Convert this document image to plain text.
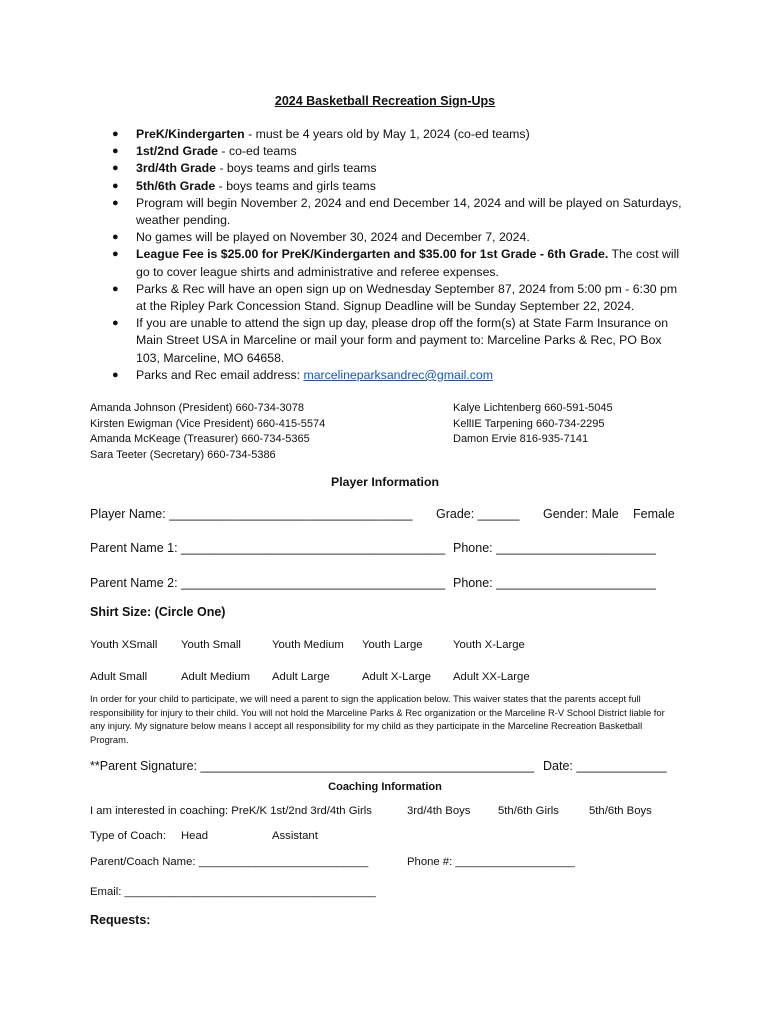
2024 Basketball Recreation Sign-Ups
● PreK/Kindergarten - must be 4 years old by May 1, 2024 (co-ed teams)
● 1st/2nd Grade - co-ed teams
● 3rd/4th Grade - boys teams and girls teams
● 5th/6th Grade - boys teams and girls teams
● Program will begin November 2, 2024 and end December 14, 2024 and will be played on Saturdays, weather pending.
● No games will be played on November 30, 2024 and December 7, 2024.
● League Fee is $25.00 for PreK/Kindergarten and $35.00 for 1st Grade - 6th Grade. The cost will go to cover league shirts and administrative and referee expenses.
● Parks & Rec will have an open sign up on Wednesday September 87, 2024 from 5:00 pm - 6:30 pm at the Ripley Park Concession Stand. Signup Deadline will be Sunday September 22, 2024.
● If you are unable to attend the sign up day, please drop off the form(s) at State Farm Insurance on Main Street USA in Marceline or mail your form and payment to: Marceline Parks & Rec, PO Box 103, Marceline, MO 64658.
● Parks and Rec email address: marcelineparksandrec@gmail.com
Amanda Johnson (President) 660-734-3078
Kirsten Ewigman (Vice President) 660-415-5574
Amanda McKeage (Treasurer) 660-734-5365
Sara Teeter (Secretary) 660-734-5386
Kalye Lichtenberg 660-591-5045
KellIE Tarpening 660-734-2295
Damon Ervie 816-935-7141
Player Information
Player Name: ___________________________________ Grade: ______ Gender: Male Female
Parent Name 1: ______________________________________ Phone: _______________________
Parent Name 2: ______________________________________ Phone: _______________________
Shirt Size: (Circle One)
Youth XSmall Youth Small	Youth Medium Youth Large	Youth X-Large
Adult Small	Adult Medium Adult Large	Adult X-Large Adult XX-Large
In order for your child to participate, we will need a parent to sign the application below. This waiver states that the parents accept full responsibility for injury to their child. You will not hold the Marceline Parks & Rec organization or the Marceline R-V School District liable for any injury. My signature below means I accept all responsibility for my child as they participate in the Marceline Recreation Basketball Program.
**Parent Signature: ________________________________________________ Date: _____________
Coaching Information
I am interested in coaching: PreK/K 1st/2nd 3rd/4th Girls	3rd/4th Boys 5th/6th Girls	5th/6th Boys
Type of Coach: Head	Assistant
Parent/Coach Name: ___________________________	Phone #: ___________________
Email: ________________________________________
Requests:
